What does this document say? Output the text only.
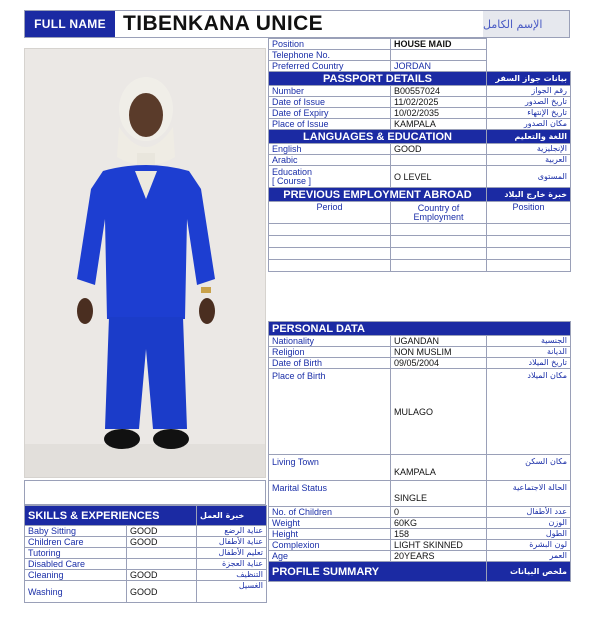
FULL NAME TIBENKANA UNICE	الإسم الكامل
Position	HOUSE MAID	
Telephone No.		
Preferred Country	JORDAN	
PASSPORT DETAILS		بيانات جواز السفر
Number	B00557024	رقم الجواز
Date of Issue	11/02/2025	تاريخ الصدور
Date of Expiry	10/02/2035	تاريخ الإنتهاء
Place of Issue	KAMPALA	مكان الصدور
LANGUAGES & EDUCATION		اللغة والتعليم
English	GOOD	الإنجليزية
Arabic		العربية
Education
[ Course ]	O LEVEL	المستوى
PREVIOUS EMPLOYMENT ABROAD		خبرة خارج البلاد
Period	Country of Employment	Position

PERSONAL DATA		
Nationality	UGANDAN	الجنسية
Religion	NON MUSLIM	الديانة
Date of Birth	09/05/2004	تاريخ الميلاد
Place of Birth	MULAGO	مكان الميلاد
Living Town	KAMPALA	مكان السكن
Marital Status	SINGLE	الحالة الاجتماعية
No. of Children	0	عدد الأطفال
Weight	60KG	الوزن
Height	158	الطول
Complexion	LIGHT SKINNED	لون البشرة
Age	20YEARS	العمر
PROFILE SUMMARY		ملخص البيانات
SKILLS & EXPERIENCES		خبرة العمل
Baby Sitting	GOOD	عناية الرضع
Children Care	GOOD	عناية الأطفال
Tutoring		تعليم الأطفال
Disabled Care		عناية العجزة
Cleaning	GOOD	التنظيف
Washing	GOOD	الغسيل
